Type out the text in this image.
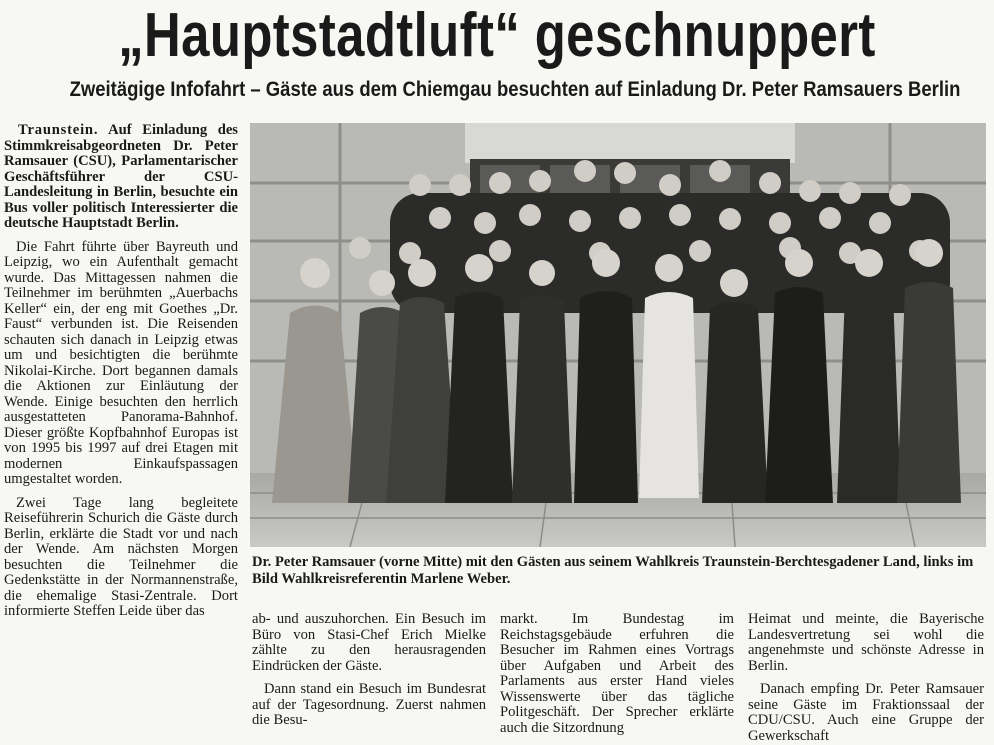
„Hauptstadtluft“ geschnuppert
Zweitägige Infofahrt – Gäste aus dem Chiemgau besuchten auf Einladung Dr. Peter Ramsauers Berlin

Traunstein. Auf Einladung des Stimmkreisabgeordneten Dr. Peter Ramsauer (CSU), Parlamentarischer Geschäftsführer der CSU-Landesleitung in Berlin, besuchte ein Bus voller politisch Interessierter die deutsche Hauptstadt Berlin.

Die Fahrt führte über Bayreuth und Leipzig, wo ein Aufenthalt gemacht wurde. Das Mittagessen nahmen die Teilnehmer im berühmten „Auerbachs Keller“ ein, der eng mit Goethes „Dr. Faust“ verbunden ist. Die Reisenden schauten sich danach in Leipzig etwas um und besichtigten die berühmte Nikolai-Kirche. Dort begannen damals die Aktionen zur Einläutung der Wende. Einige besuchten den herrlich ausgestatteten Panorama-Bahnhof. Dieser größte Kopfbahnhof Europas ist von 1995 bis 1997 auf drei Etagen mit modernen Einkaufspassagen umgestaltet worden.

Zwei Tage lang begleitete Reiseführerin Schurich die Gäste durch Berlin, erklärte die Stadt vor und nach der Wende. Am nächsten Morgen besuchten die Teilnehmer die Gedenkstätte in der Normannenstraße, die ehemalige Stasi-Zentrale. Dort informierte Steffen Leide über das

Dr. Peter Ramsauer (vorne Mitte) mit den Gästen aus seinem Wahlkreis Traunstein-Berchtesgadener Land, links im Bild Wahlkreisreferentin Marlene Weber.

ab- und auszuhorchen. Ein Besuch im Büro von Stasi-Chef Erich Mielke zählte zu den herausragenden Eindrücken der Gäste.

Dann stand ein Besuch im Bundesrat auf der Tagesordnung. Zuerst nahmen die Besu-

markt. Im Bundestag im Reichstagsgebäude erfuhren die Besucher im Rahmen eines Vortrags über Aufgaben und Arbeit des Parlaments aus erster Hand vieles Wissenswerte über das tägliche Politgeschäft. Der Sprecher erklärte auch die Sitzordnung

Heimat und meinte, die Bayerische Landesvertretung sei wohl die angenehmste und schönste Adresse in Berlin.

Danach empfing Dr. Peter Ramsauer seine Gäste im Fraktionssaal der CDU/CSU. Auch eine Gruppe der Gewerkschaft
